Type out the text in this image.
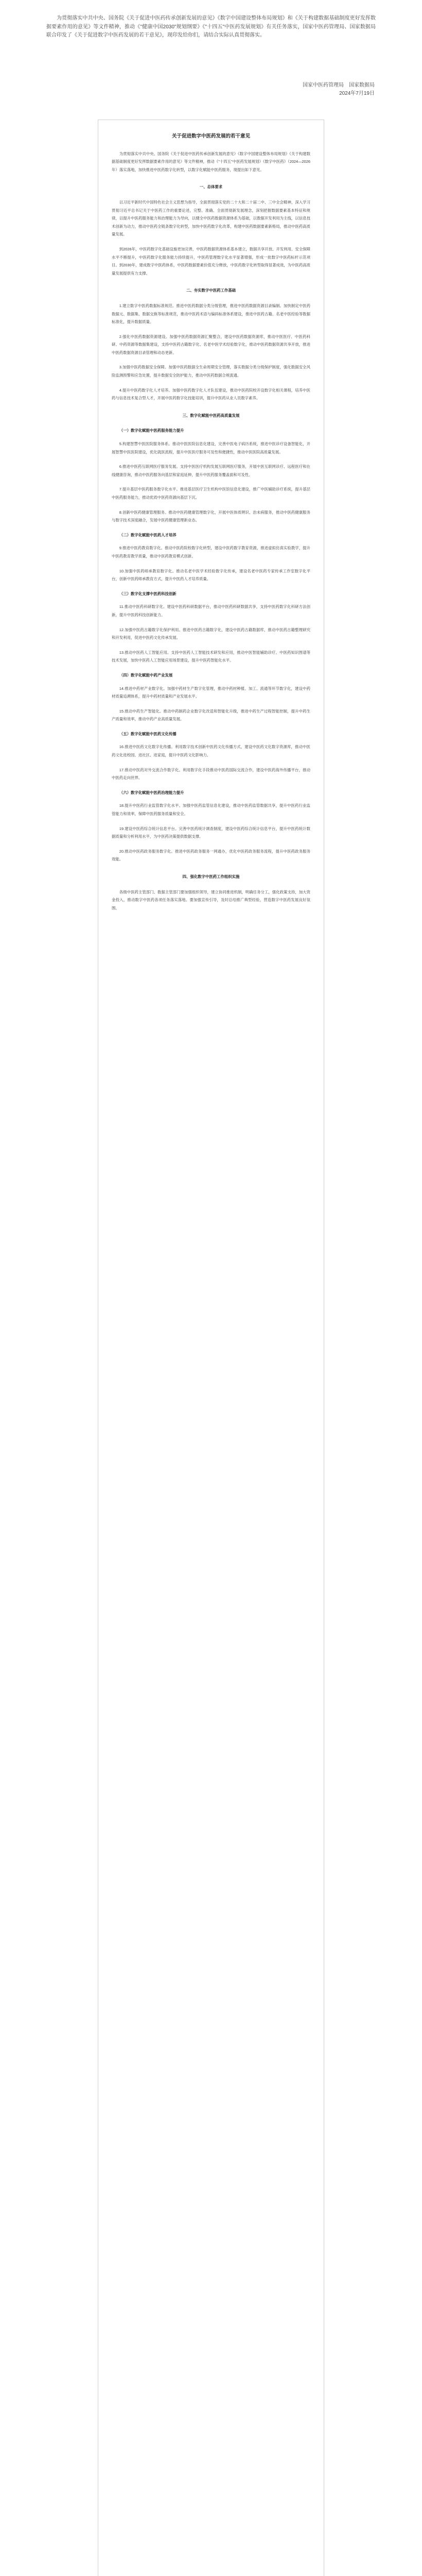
为贯彻落实中共中央、国务院《关于促进中医药传承创新发展的意见》《数字中国建设整体布局规划》和《关于构建数据基础制度更好发挥数据要素作用的意见》等文件精神，推动《"健康中国2030"规划纲要》《"十四五"中医药发展规划》有关任务落实，国家中医药管理局、国家数据局联合印发了《关于促进数字中医药发展的若干意见》，现印发给你们，请结合实际认真贯彻落实。

国家中医药管理局　国家数据局
2024年7月19日
关于促进数字中医药发展的若干意见

为贯彻落实中共中央、国务院《关于促进中医药传承创新发展的意见》《数字中国建设整体布局规划》《关于构建数据基础制度更好发挥数据要素作用的意见》等文件精神，推动《"十四五"中医药发展规划》《数字中医药》（2024—2026年）落实落地，加快推进中医药数字化转型，以数字化赋能中医药服务，现提出如下意见。

一、总体要求

以习近平新时代中国特色社会主义思想为指导，全面贯彻落实党的二十大和二十届二中、三中全会精神，深入学习贯彻习近平总书记关于中医药工作的重要论述，完整、准确、全面贯彻新发展理念，深刻把握数据要素基本特征和规律，以提升中医药服务能力和治理能力为导向，以健全中医药数据资源体系为基础，以数据开发利用为主线，以信息技术创新为动力，推动中医药全链条数字化转型，加快中医药数字化改革，构建中医药数据要素新格局，推动中医药高质量发展。

到2026年，中医药数字化基础设施更加完善，中医药数据资源体系基本建立，数据共享开放、开发利用、安全保障水平不断提升，中医药数字化服务能力持续提升，中医药管理数字化水平显著增强，形成一批数字中医药标杆示范项目。到2030年，建成数字中医药体系，中医药数据要素价值充分释放，中医药数字化转型取得显著成效，为中医药高质量发展提供有力支撑。

二、夯实数字中医药工作基础

1.建立数字中医药数据标准规范。推进中医药数据分类分级管理，推进中医药数据资源目录编制。加快制定中医药数据元、数据集、数据交换等标准规范，推动中医药术语与编码标准体系建设，推进中医药古籍、名老中医经验等数据标准化，提升数据质量。

2.强化中医药数据资源建设。加强中医药数据资源汇聚整合，建设中医药数据资源库，推动中医医疗、中医药科研、中药资源等数据集建设，支持中医药古籍数字化、名老中医学术经验数字化，推动中医药数据资源共享开放，推进中医药数据资源目录管理和动态更新。

3.加强中医药数据安全保障。加强中医药数据全生命周期安全管理，落实数据分类分级保护制度，强化数据安全风险监测预警和应急处置，提升数据安全防护能力，推动中医药数据合规流通。

4.提升中医药数字化人才培养。加强中医药数字化人才队伍建设，推动中医药院校开设数字化相关课程，培养中医药与信息技术复合型人才，开展中医药数字化技能培训，提升中医药从业人员数字素养。

三、数字化赋能中医药高质量发展
（一）数字化赋能中医药服务能力提升

5.构建智慧中医医院服务体系。推动中医医院信息化建设，完善中医电子病历系统，推进中医诊疗设备智能化，开展智慧中医医院建设，优化就医流程，提升中医医疗服务可及性和便捷性，推动中医医院高质量发展。

6.推进中医药互联网医疗服务发展。支持中医医疗机构发展互联网医疗服务，开展中医互联网诊疗、远程医疗和在线健康咨询，推动中医药服务向基层和家庭延伸，提升中医药服务覆盖面和可及性。

7.提升基层中医药服务数字化水平。推进基层医疗卫生机构中医馆信息化建设，推广中医辅助诊疗系统，提升基层中医药服务能力，推动优质中医药资源向基层下沉。

8.创新中医药健康管理服务。推动中医药健康管理数字化，开展中医体质辨识、治未病服务，推动中医药健康服务与数字技术深度融合，发展中医药健康管理新业态。

（二）数字化赋能中医药人才培养

9.推进中医药教育数字化。推动中医药院校数字化转型，建设中医药数字教育资源，推进虚拟仿真实验教学，提升中医药教育教学质量，推动中医药教育模式创新。

10.加强中医药师承教育数字化。推动名老中医学术经验数字化传承，建设名老中医药专家传承工作室数字化平台，创新中医药师承教育方式，提升中医药人才培养质量。

（三）数字化支撑中医药科技创新

11.推动中医药科研数字化。建设中医药科研数据平台，推动中医药科研数据共享，支持中医药数字化科研方法创新，提升中医药科技创新能力。

12.加强中医药古籍数字化保护利用。推进中医药古籍数字化，建设中医药古籍数据库，推动中医药古籍整理研究和开发利用，促进中医药文化传承发展。

13.推动中医药人工智能应用。支持中医药人工智能技术研发和应用，推动中医智能辅助诊疗、中医药知识图谱等技术发展，加快中医药人工智能应用场景建设，提升中医药智能化水平。

（四）数字化赋能中药产业发展

14.推进中药材产业数字化。加强中药材生产数字化管理，推动中药材种植、加工、流通等环节数字化，建设中药材质量追溯体系，提升中药材质量和产业发展水平。

15.推动中药生产智能化。推动中药制药企业数字化改造和智能化升级，推进中药生产过程智能控制，提升中药生产质量和效率，推动中药产业高质量发展。

（五）数字化赋能中医药文化传播

16.推进中医药文化数字化传播。利用数字技术创新中医药文化传播方式，建设中医药文化数字资源库，推动中医药文化进校园、进社区、进家庭，提升中医药文化影响力。

17.推动中医药对外交流合作数字化。利用数字化手段推动中医药国际交流合作，建设中医药海外传播平台，推动中医药走向世界。

（六）数字化赋能中医药治理能力提升

18.提升中医药行业监管数字化水平。加强中医药监管信息化建设，推动中医药监管数据共享，提升中医药行业监管能力和效率，保障中医药服务质量和安全。

19.建设中医药综合统计信息平台。完善中医药统计调查制度，建设中医药综合统计信息平台，提升中医药统计数据质量和分析利用水平，为中医药决策提供数据支撑。

20.推动中医药政务服务数字化。推进中医药政务服务一网通办，优化中医药政务服务流程，提升中医药政务服务效能。

四、强化数字中医药工作组织实施

各级中医药主管部门、数据主管部门要加强组织领导，建立协同推进机制，明确任务分工，强化政策支持，加大资金投入，推动数字中医药各项任务落实落地。要加强宣传引导，及时总结推广典型经验，营造数字中医药发展良好氛围。
